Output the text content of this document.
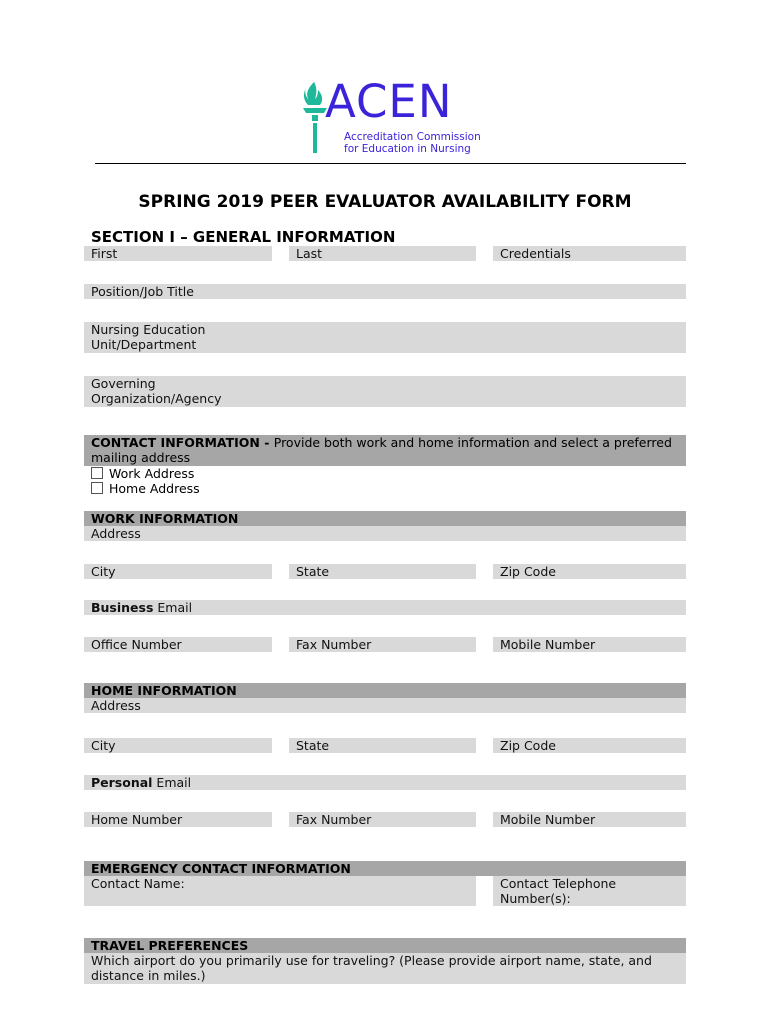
ACEN
Accreditation Commission
for Education in Nursing
SPRING 2019 PEER EVALUATOR AVAILABILITY FORM
SECTION I – GENERAL INFORMATION
First	Last	Credentials
Position/Job Title
Nursing Education
Unit/Department
Governing
Organization/Agency
CONTACT INFORMATION - Provide both work and home information and select a preferred
mailing address
Work Address
Home Address
WORK INFORMATION
Address
City	State	Zip Code
Business Email
Office Number	Fax Number	Mobile Number
HOME INFORMATION
Address
City	State	Zip Code
Personal Email
Home Number	Fax Number	Mobile Number
EMERGENCY CONTACT INFORMATION
Contact Name:	Contact Telephone
Number(s):
TRAVEL PREFERENCES
Which airport do you primarily use for traveling? (Please provide airport name, state, and
distance in miles.)
